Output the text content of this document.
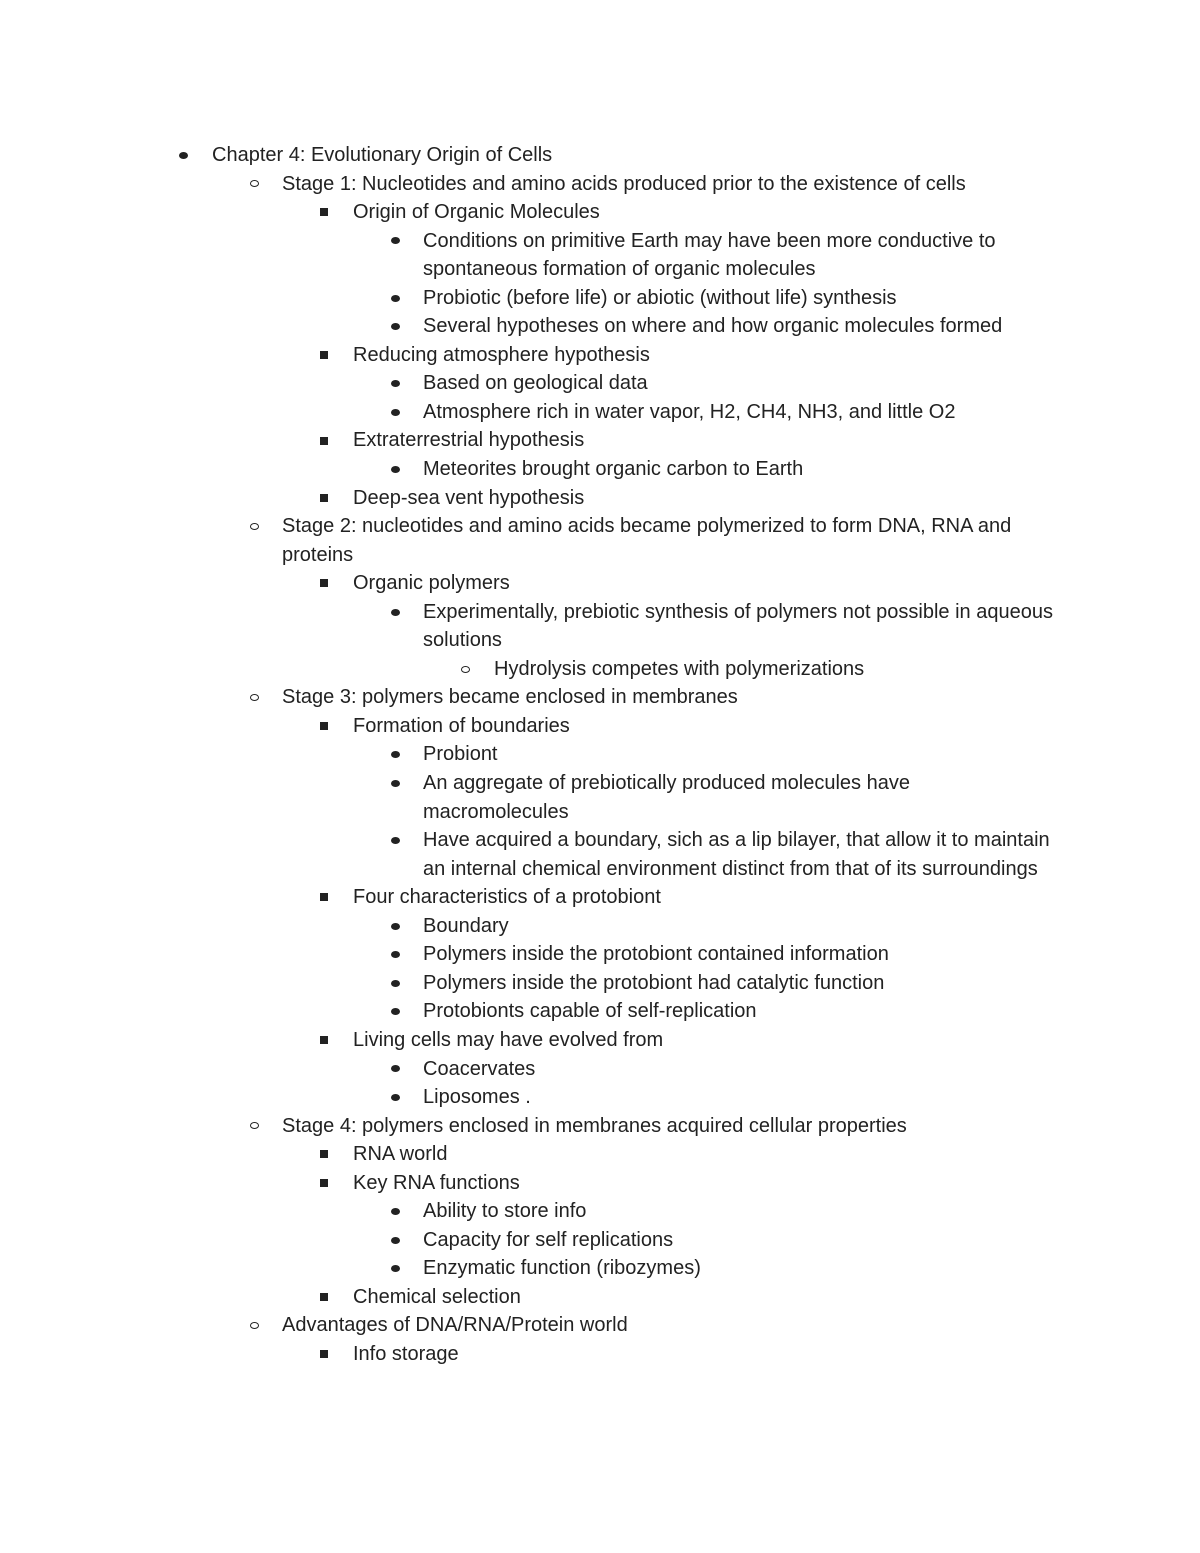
Chapter 4: Evolutionary Origin of Cells
Stage 1: Nucleotides and amino acids produced prior to the existence of cells
Origin of Organic Molecules
Conditions on primitive Earth may have been more conductive to spontaneous formation of organic molecules
Probiotic (before life) or abiotic (without life) synthesis
Several hypotheses on where and how organic molecules formed
Reducing atmosphere hypothesis
Based on geological data
Atmosphere rich in water vapor, H2, CH4, NH3, and little O2
Extraterrestrial hypothesis
Meteorites brought organic carbon to Earth
Deep-sea vent hypothesis
Stage 2: nucleotides and amino acids became polymerized to form DNA, RNA and proteins
Organic polymers
Experimentally, prebiotic synthesis of polymers not possible in aqueous solutions
Hydrolysis competes with polymerizations
Stage 3: polymers became enclosed in membranes
Formation of boundaries
Probiont
An aggregate of prebiotically produced molecules have macromolecules
Have acquired a boundary, sich as a lip bilayer, that allow it to maintain an internal chemical environment distinct from that of its surroundings
Four characteristics of a protobiont
Boundary
Polymers inside the protobiont contained information
Polymers inside the protobiont had catalytic function
Protobionts capable of self-replication
Living cells may have evolved from
Coacervates
Liposomes .
Stage 4: polymers enclosed in membranes acquired cellular properties
RNA world
Key RNA functions
Ability to store info
Capacity for self replications
Enzymatic function (ribozymes)
Chemical selection
Advantages of DNA/RNA/Protein world
Info storage
